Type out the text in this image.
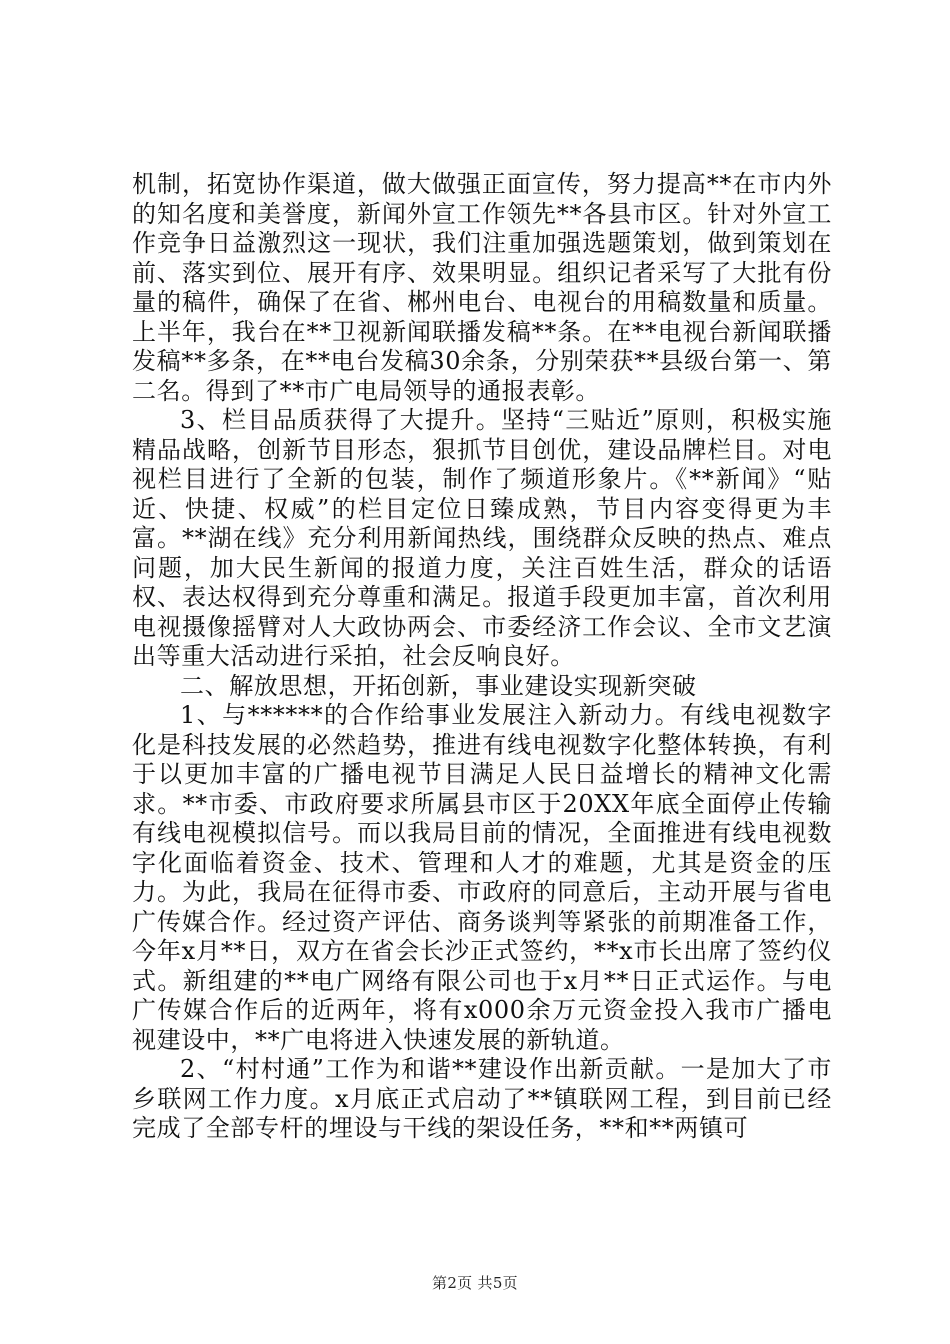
机制，拓宽协作渠道，做大做强正面宣传，努力提高**在市内外的知名度和美誉度，新闻外宣工作领先**各县市区。针对外宣工作竞争日益激烈这一现状，我们注重加强选题策划，做到策划在前、落实到位、展开有序、效果明显。组织记者采写了大批有份量的稿件，确保了在省、郴州电台、电视台的用稿数量和质量。上半年，我台在**卫视新闻联播发稿**条。在**电视台新闻联播发稿**多条，在**电台发稿30余条，分别荣获**县级台第一、第二名。得到了**市广电局领导的通报表彰。

3、栏目品质获得了大提升。坚持“三贴近”原则，积极实施精品战略，创新节目形态，狠抓节目创优，建设品牌栏目。对电视栏目进行了全新的包装，制作了频道形象片。《**新闻》“贴近、快捷、权威”的栏目定位日臻成熟，节目内容变得更为丰富。**湖在线》充分利用新闻热线，围绕群众反映的热点、难点问题，加大民生新闻的报道力度，关注百姓生活，群众的话语权、表达权得到充分尊重和满足。报道手段更加丰富，首次利用电视摄像摇臂对人大政协两会、市委经济工作会议、全市文艺演出等重大活动进行采拍，社会反响良好。

二、解放思想，开拓创新，事业建设实现新突破

1、与******的合作给事业发展注入新动力。有线电视数字化是科技发展的必然趋势，推进有线电视数字化整体转换，有利于以更加丰富的广播电视节目满足人民日益增长的精神文化需求。**市委、市政府要求所属县市区于20XX年底全面停止传输有线电视模拟信号。而以我局目前的情况，全面推进有线电视数字化面临着资金、技术、管理和人才的难题，尤其是资金的压力。为此，我局在征得市委、市政府的同意后，主动开展与省电广传媒合作。经过资产评估、商务谈判等紧张的前期准备工作，今年x月**日，双方在省会长沙正式签约，**x市长出席了签约仪式。新组建的**电广网络有限公司也于x月**日正式运作。与电广传媒合作后的近两年，将有x000余万元资金投入我市广播电视建设中，**广电将进入快速发展的新轨道。

2、“村村通”工作为和谐**建设作出新贡献。一是加大了市乡联网工作力度。x月底正式启动了**镇联网工程，到目前已经完成了全部专杆的埋设与干线的架设任务，**和**两镇可

第2页 共5页
